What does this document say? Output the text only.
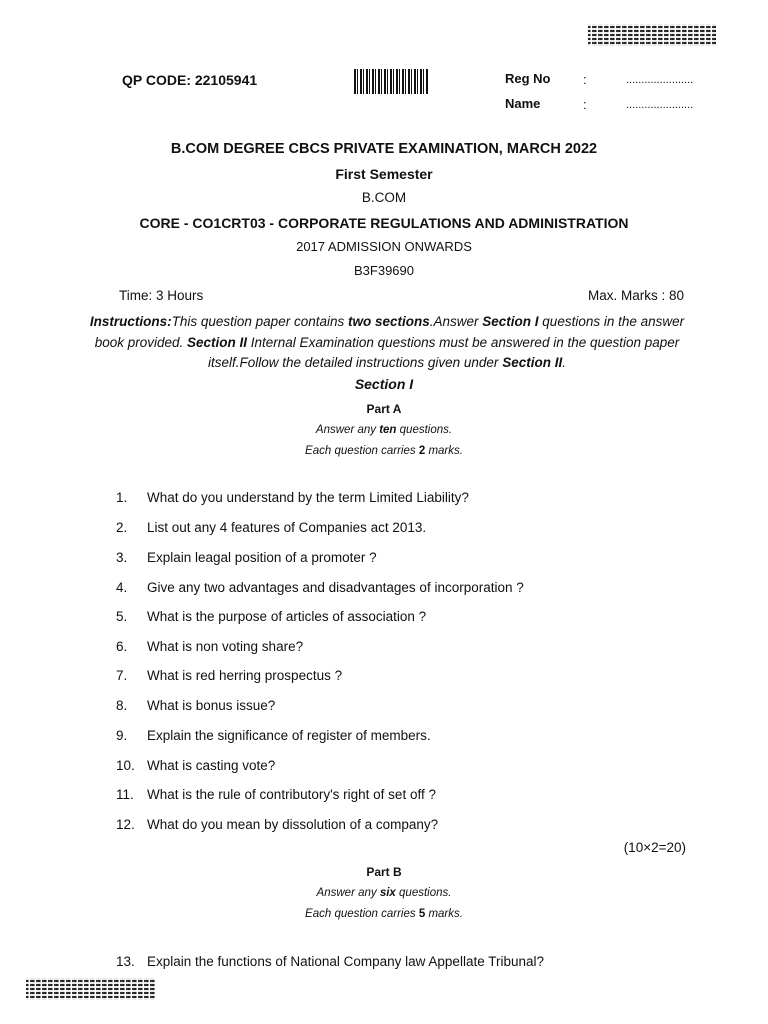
QP CODE: 22105941	Reg No	:	......................
Name	:	......................
B.COM DEGREE CBCS PRIVATE EXAMINATION, MARCH 2022
First Semester
B.COM
CORE - CO1CRT03 - CORPORATE REGULATIONS AND ADMINISTRATION
2017 ADMISSION ONWARDS
B3F39690
Time: 3 Hours	Max. Marks : 80
Instructions:This question paper contains two sections.Answer Section I questions in the answer book provided. Section II Internal Examination questions must be answered in the question paper itself.Follow the detailed instructions given under Section II.
Section I
Part A
Answer any ten questions.
Each question carries 2 marks.
1. What do you understand by the term Limited Liability?
2. List out any 4 features of Companies act 2013.
3. Explain leagal position of a promoter ?
4. Give any two advantages and disadvantages of incorporation ?
5. What is the purpose of articles of association ?
6. What is non voting share?
7. What is red herring prospectus ?
8. What is bonus issue?
9. Explain the significance of register of members.
10. What is casting vote?
11. What is the rule of contributory's right of set off ?
12. What do you mean by dissolution of a company?
(10×2=20)
Part B
Answer any six questions.
Each question carries 5 marks.
13. Explain the functions of National Company law Appellate Tribunal?
